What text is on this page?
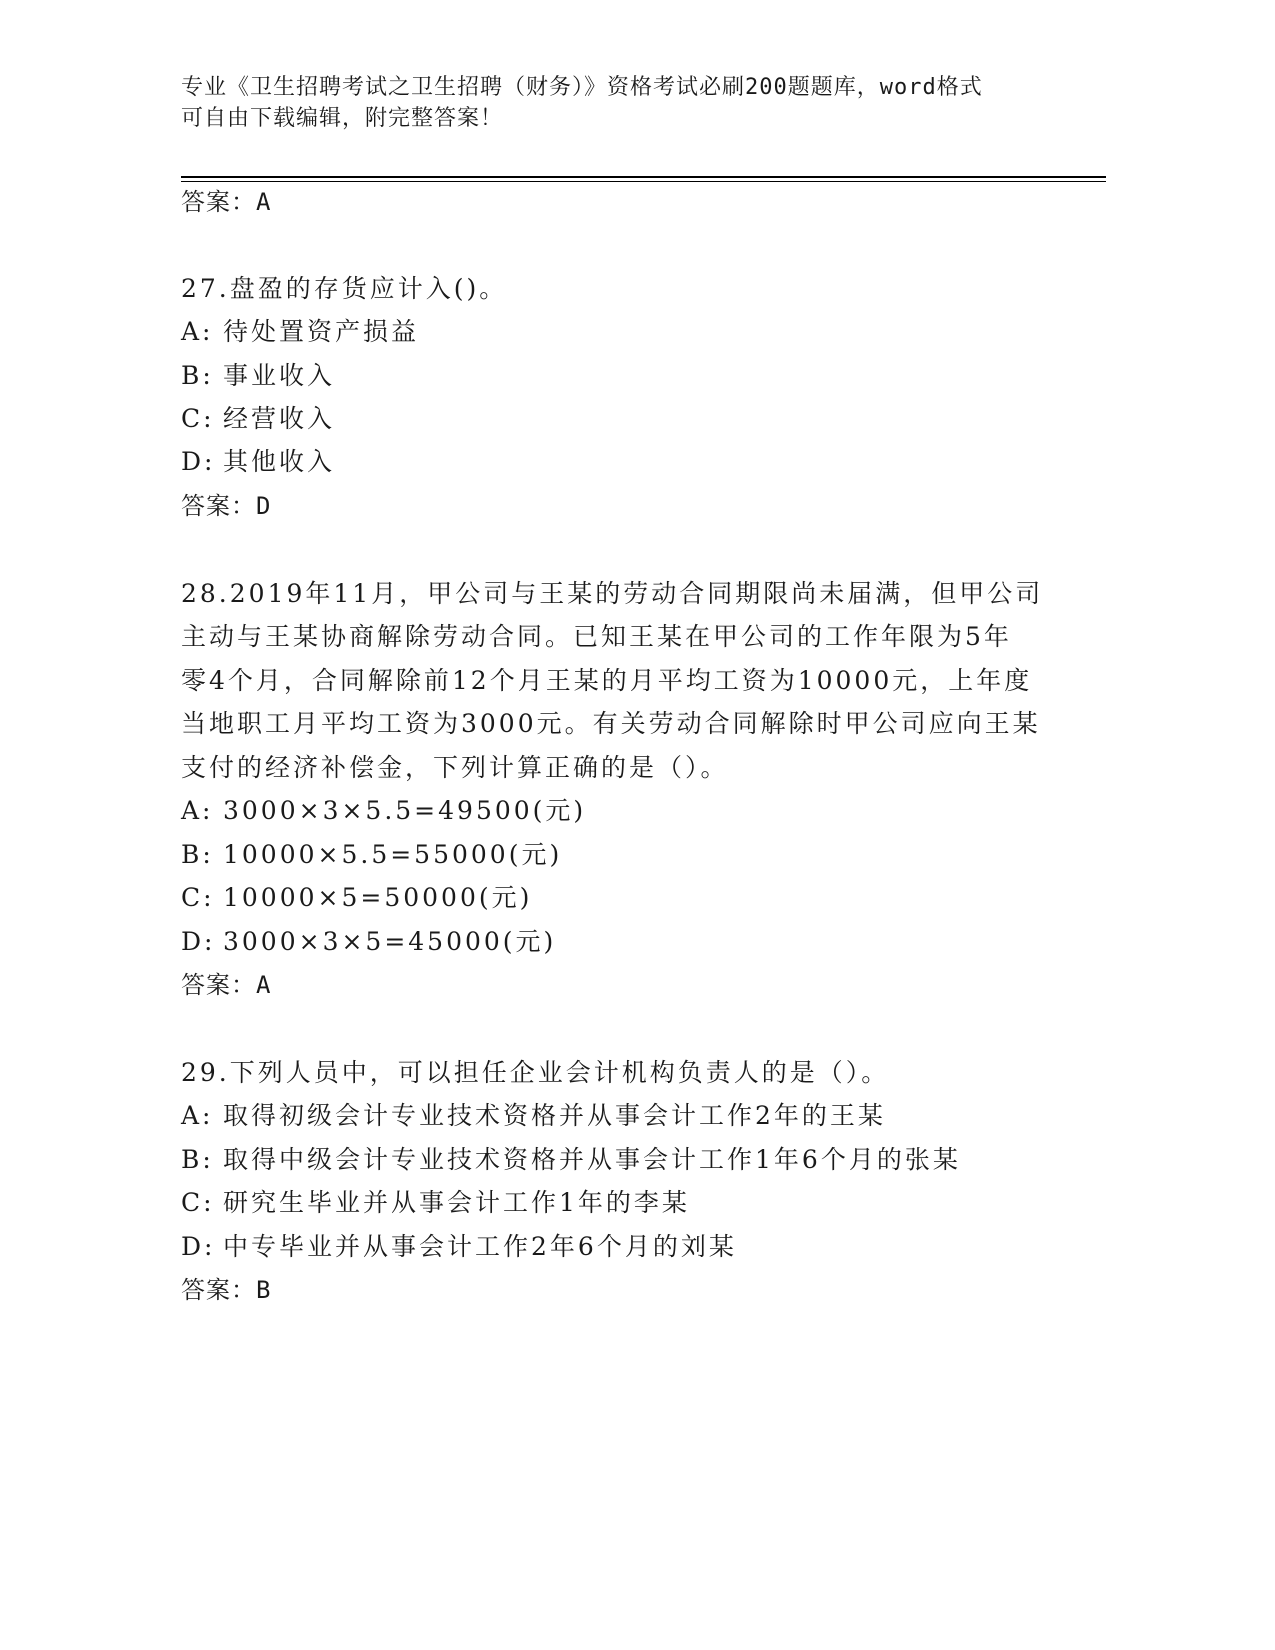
专业《卫生招聘考试之卫生招聘（财务）》资格考试必刷200题题库，word格式
可自由下载编辑，附完整答案！
答案：A
27.盘盈的存货应计入()。
A: 待处置资产损益
B: 事业收入
C: 经营收入
D: 其他收入
答案：D
28.2019年11月，甲公司与王某的劳动合同期限尚未届满，但甲公司
主动与王某协商解除劳动合同。已知王某在甲公司的工作年限为5年
零4个月，合同解除前12个月王某的月平均工资为10000元，上年度
当地职工月平均工资为3000元。有关劳动合同解除时甲公司应向王某
支付的经济补偿金，下列计算正确的是（）。
A: 3000×3×5.5=49500(元)
B: 10000×5.5=55000(元)
C: 10000×5=50000(元)
D: 3000×3×5=45000(元)
答案：A
29.下列人员中，可以担任企业会计机构负责人的是（）。
A: 取得初级会计专业技术资格并从事会计工作2年的王某
B: 取得中级会计专业技术资格并从事会计工作1年6个月的张某
C: 研究生毕业并从事会计工作1年的李某
D: 中专毕业并从事会计工作2年6个月的刘某
答案：B
